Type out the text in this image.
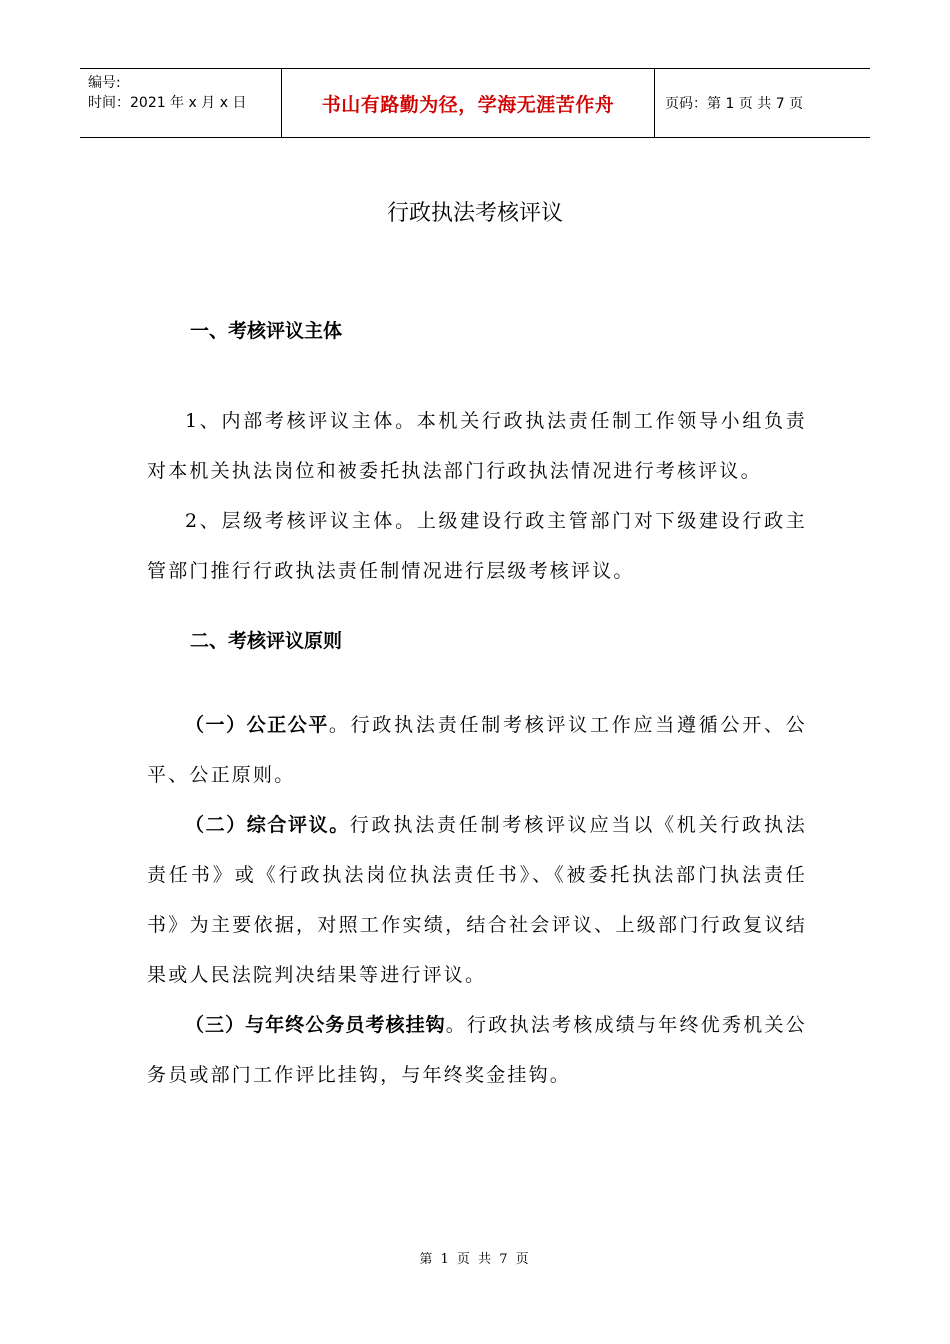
编号:
时间：2021 年 x 月 x 日	书山有路勤为径，学海无涯苦作舟	页码：第 1 页 共 7 页
行政执法考核评议
一、考核评议主体

1、内部考核评议主体。本机关行政执法责任制工作领导小组负责对本机关执法岗位和被委托执法部门行政执法情况进行考核评议。

2、层级考核评议主体。上级建设行政主管部门对下级建设行政主管部门推行行政执法责任制情况进行层级考核评议。

二、考核评议原则

（一）公正公平。行政执法责任制考核评议工作应当遵循公开、公平、公正原则。

（二）综合评议。行政执法责任制考核评议应当以《机关行政执法责任书》或《行政执法岗位执法责任书》、《被委托执法部门执法责任书》为主要依据，对照工作实绩，结合社会评议、上级部门行政复议结果或人民法院判决结果等进行评议。

（三）与年终公务员考核挂钩。行政执法考核成绩与年终优秀机关公务员或部门工作评比挂钩，与年终奖金挂钩。

第 1 页 共 7 页
